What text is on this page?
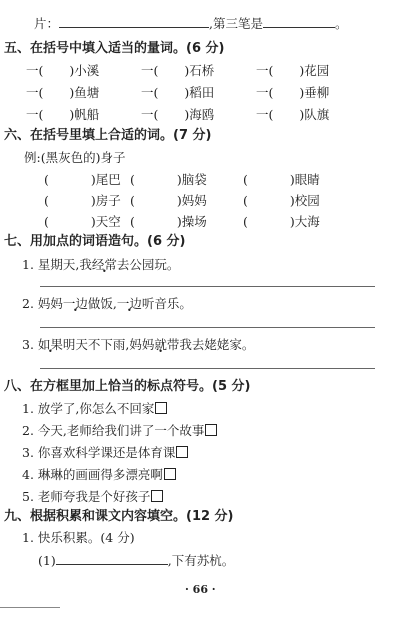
片：	,第三笔是	。
五、在括号中填入适当的量词。(6 分)
一( )小溪	一( )石桥	一( )花园
一( )鱼塘	一( )稻田	一( )垂柳
一( )帆船	一( )海鸥	一( )队旗
六、在括号里填上合适的词。(7 分)
例:(黑灰色的)身子
(	)尾巴 (	)脑袋	(	)眼睛
(	)房子 (	)妈妈	(	)校园
(	)天空 (	)操场	(	)大海
七、用加点的词语造句。(6 分)
1. 星期天,我经常去公园玩。
2. 妈妈一边做饭,一边听音乐。
3. 如果明天不下雨,妈妈就带我去姥姥家。
八、在方框里加上恰当的标点符号。(5 分)
1. 放学了,你怎么不回家
2. 今天,老师给我们讲了一个故事
3. 你喜欢科学课还是体育课
4. 琳琳的画画得多漂亮啊
5. 老师夸我是个好孩子
九、根据积累和课文内容填空。(12 分)
1. 快乐积累。(4 分)
(1)	,下有苏杭。
· 66 ·
